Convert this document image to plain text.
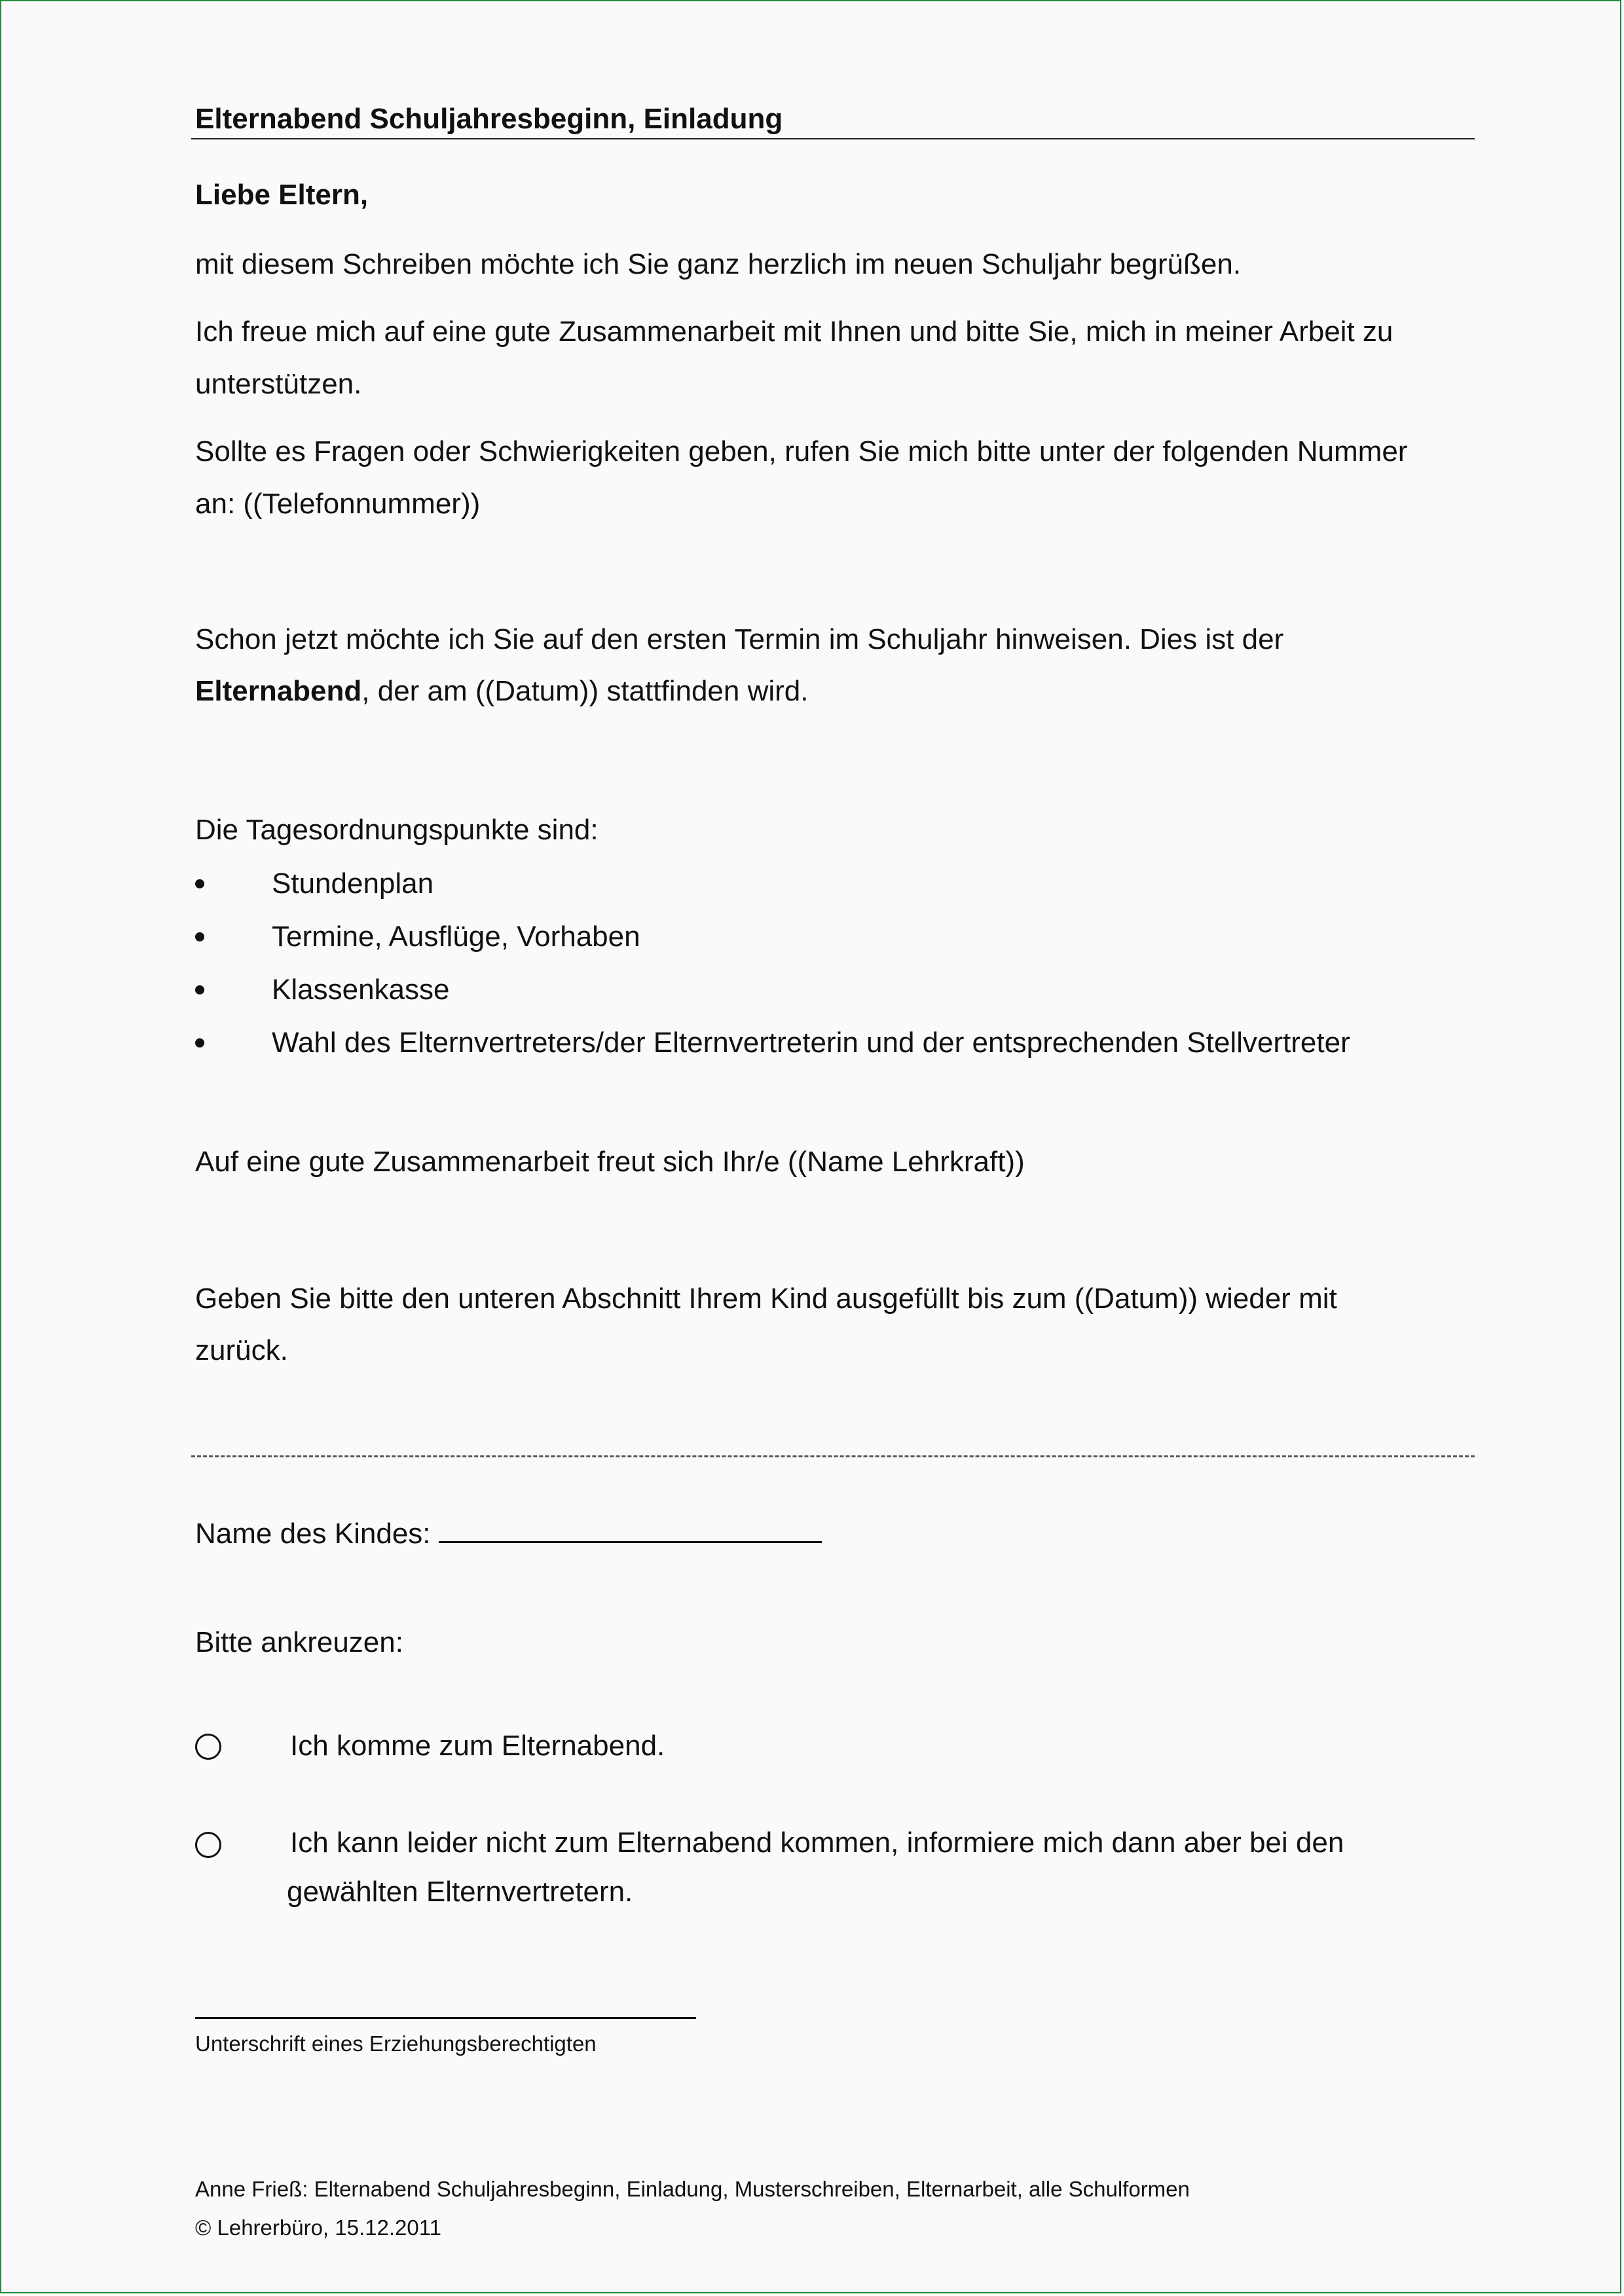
Elternabend Schuljahresbeginn, Einladung

Liebe Eltern,

mit diesem Schreiben möchte ich Sie ganz herzlich im neuen Schuljahr begrüßen.

Ich freue mich auf eine gute Zusammenarbeit mit Ihnen und bitte Sie, mich in meiner Arbeit zu

unterstützen.

Sollte es Fragen oder Schwierigkeiten geben, rufen Sie mich bitte unter der folgenden Nummer

an: ((Telefonnummer))

Schon jetzt möchte ich Sie auf den ersten Termin im Schuljahr hinweisen. Dies ist der

Elternabend, der am ((Datum)) stattfinden wird.

Die Tagesordnungspunkte sind:

Stundenplan
Termine, Ausflüge, Vorhaben
Klassenkasse
Wahl des Elternvertreters/der Elternvertreterin und der entsprechenden Stellvertreter

Auf eine gute Zusammenarbeit freut sich Ihr/e ((Name Lehrkraft))

Geben Sie bitte den unteren Abschnitt Ihrem Kind ausgefüllt bis zum ((Datum)) wieder mit

zurück.

Name des Kindes:

Bitte ankreuzen:

Ich komme zum Elternabend.
Ich kann leider nicht zum Elternabend kommen, informiere mich dann aber bei den
gewählten Elternvertretern.

Unterschrift eines Erziehungsberechtigten

Anne Frieß: Elternabend Schuljahresbeginn, Einladung, Musterschreiben, Elternarbeit, alle Schulformen

© Lehrerbüro, 15.12.2011
